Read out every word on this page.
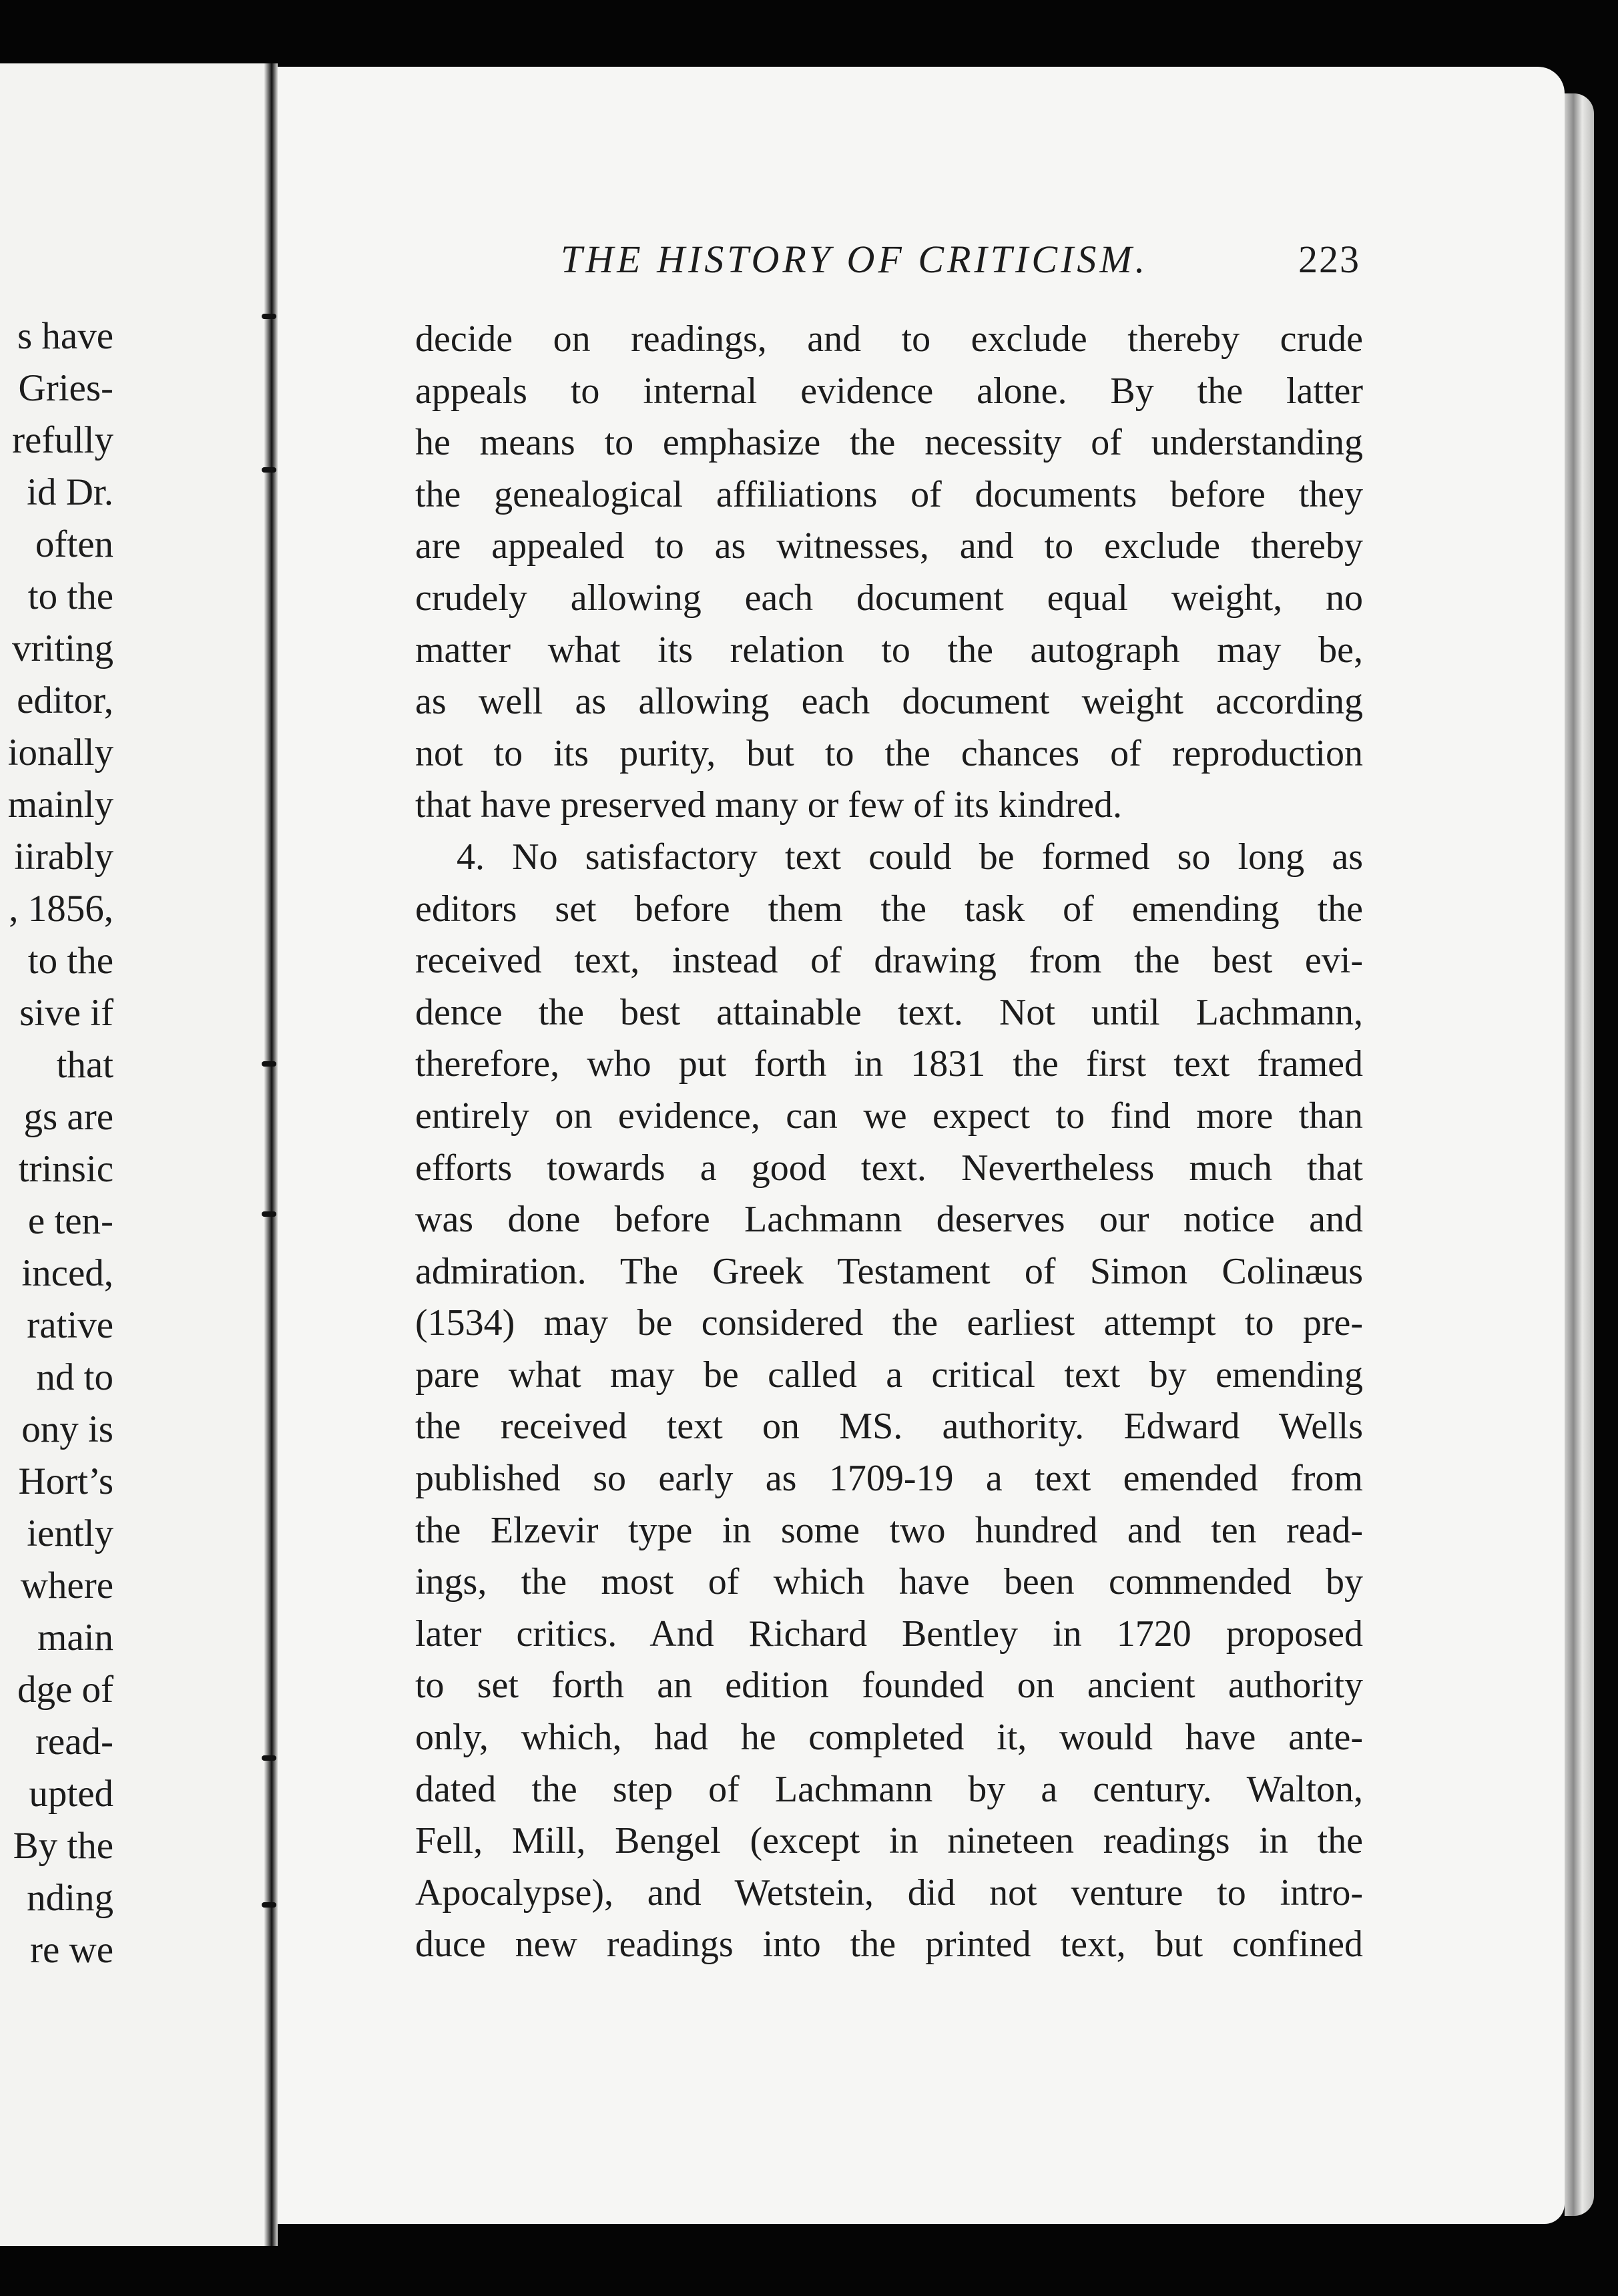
s have
Gries-
refully
id Dr.
often
to the
vriting
editor,
ionally
mainly
iirably
, 1856,
to the
sive if
that
gs are
trinsic
e ten-
inced,
rative
nd to
ony is
Hort’s
iently
where
main
dge of
read-
upted
By the
nding
re we
THE HISTORY OF CRITICISM.	223
decide on readings, and to exclude thereby crude
appeals to internal evidence alone. By the latter
he means to emphasize the necessity of understanding
the genealogical affiliations of documents before they
are appealed to as witnesses, and to exclude thereby
crudely allowing each document equal weight, no
matter what its relation to the autograph may be,
as well as allowing each document weight according
not to its purity, but to the chances of reproduction
that have preserved many or few of its kindred.
4. No satisfactory text could be formed so long as
editors set before them the task of emending the
received text, instead of drawing from the best evi-
dence the best attainable text. Not until Lachmann,
therefore, who put forth in 1831 the first text framed
entirely on evidence, can we expect to find more than
efforts towards a good text. Nevertheless much that
was done before Lachmann deserves our notice and
admiration. The Greek Testament of Simon Colinæus
(1534) may be considered the earliest attempt to pre-
pare what may be called a critical text by emending
the received text on MS. authority. Edward Wells
published so early as 1709-19 a text emended from
the Elzevir type in some two hundred and ten read-
ings, the most of which have been commended by
later critics. And Richard Bentley in 1720 proposed
to set forth an edition founded on ancient authority
only, which, had he completed it, would have ante-
dated the step of Lachmann by a century. Walton,
Fell, Mill, Bengel (except in nineteen readings in the
Apocalypse), and Wetstein, did not venture to intro-
duce new readings into the printed text, but confined
